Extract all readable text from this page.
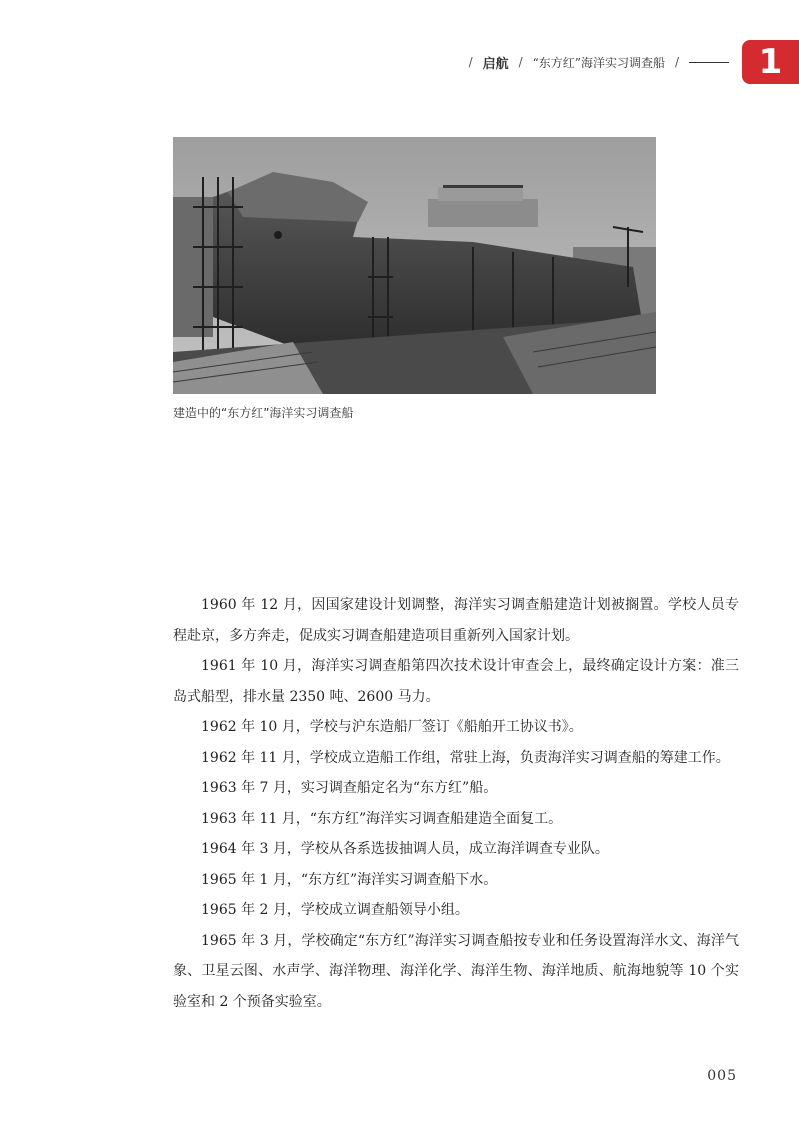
/ 启航 / “东方红”海洋实习调查船 /	1
建造中的“东方红”海洋实习调查船

1960 年 12 月，因国家建设计划调整，海洋实习调查船建造计划被搁置。学校人员专程赴京，多方奔走，促成实习调查船建造项目重新列入国家计划。

1961 年 10 月，海洋实习调查船第四次技术设计审查会上，最终确定设计方案：准三岛式船型，排水量 2350 吨、2600 马力。

1962 年 10 月，学校与沪东造船厂签订《船舶开工协议书》。

1962 年 11 月，学校成立造船工作组，常驻上海，负责海洋实习调查船的筹建工作。

1963 年 7 月，实习调查船定名为“东方红”船。

1963 年 11 月，“东方红”海洋实习调查船建造全面复工。

1964 年 3 月，学校从各系选拔抽调人员，成立海洋调查专业队。

1965 年 1 月，“东方红”海洋实习调查船下水。

1965 年 2 月，学校成立调查船领导小组。

1965 年 3 月，学校确定“东方红”海洋实习调查船按专业和任务设置海洋水文、海洋气象、卫星云图、水声学、海洋物理、海洋化学、海洋生物、海洋地质、航海地貌等 10 个实验室和 2 个预备实验室。

005
